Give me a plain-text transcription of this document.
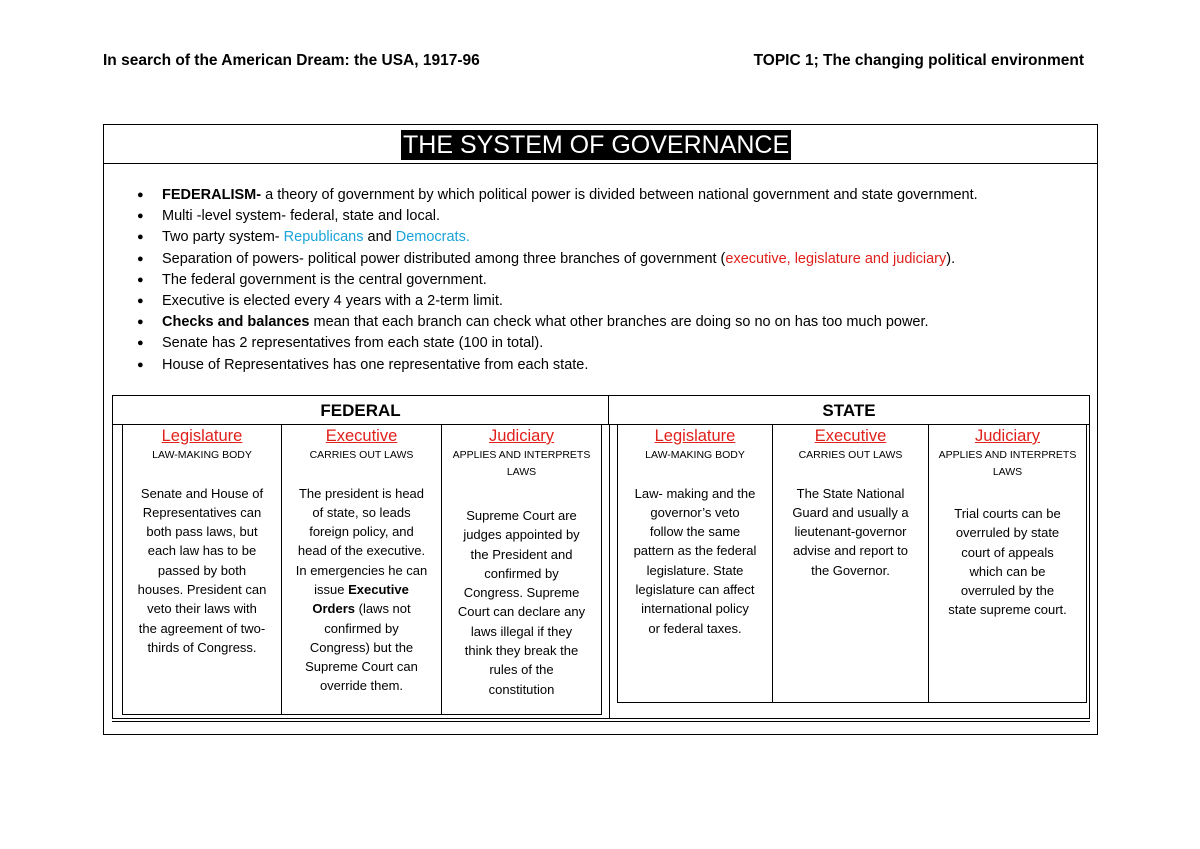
In search of the American Dream: the USA, 1917-96	TOPIC 1; The changing political environment
THE SYSTEM OF GOVERNANCE
● FEDERALISM- a theory of government by which political power is divided between national government and state government.
● Multi -level system- federal, state and local.
● Two party system- Republicans and Democrats.
● Separation of powers- political power distributed among three branches of government (executive, legislature and judiciary).
● The federal government is the central government.
● Executive is elected every 4 years with a 2-term limit.
● Checks and balances mean that each branch can check what other branches are doing so no on has too much power.
● Senate has 2 representatives from each state (100 in total).
● House of Representatives has one representative from each state.
FEDERAL	STATE
Legislature
LAW-MAKING BODY
Senate and House of
Representatives can
both pass laws, but
each law has to be
passed by both
houses. President can
veto their laws with
the agreement of two-
thirds of Congress.
Executive
CARRIES OUT LAWS
The president is head
of state, so leads
foreign policy, and
head of the executive.
In emergencies he can
issue Executive
Orders (laws not
confirmed by
Congress) but the
Supreme Court can
override them.
Judiciary
APPLIES AND INTERPRETS
LAWS
Supreme Court are
judges appointed by
the President and
confirmed by
Congress. Supreme
Court can declare any
laws illegal if they
think they break the
rules of the
constitution
Legislature
LAW-MAKING BODY
Law- making and the
governor’s veto
follow the same
pattern as the federal
legislature. State
legislature can affect
international policy
or federal taxes.
Executive
CARRIES OUT LAWS
The State National
Guard and usually a
lieutenant-governor
advise and report to
the Governor.
Judiciary
APPLIES AND INTERPRETS
LAWS
Trial courts can be
overruled by state
court of appeals
which can be
overruled by the
state supreme court.
